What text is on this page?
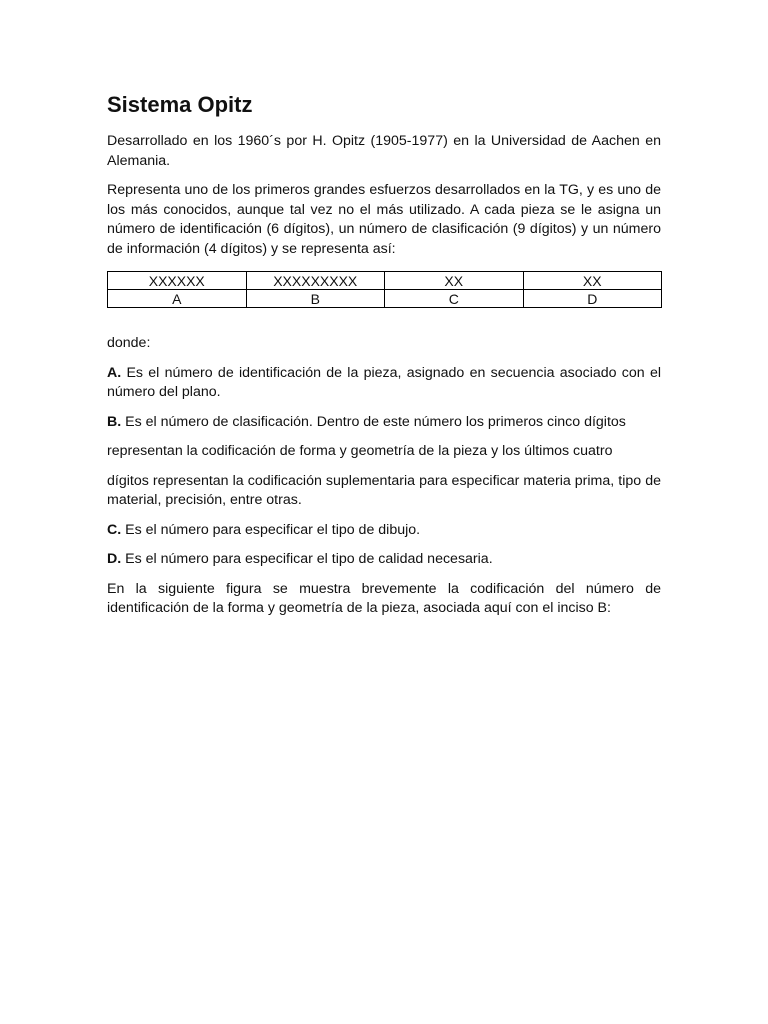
Sistema Opitz

Desarrollado en los 1960´s por H. Opitz (1905-1977) en la Universidad de Aachen en Alemania.

Representa uno de los primeros grandes esfuerzos desarrollados en la TG, y es uno de los más conocidos, aunque tal vez no el más utilizado. A cada pieza se le asigna un número de identificación (6 dígitos), un número de clasificación (9 dígitos) y un número de información (4 dígitos) y se representa así:

XXXXXX	XXXXXXXXX	XX	XX
A	B	C	D

donde:

A. Es el número de identificación de la pieza, asignado en secuencia asociado con el número del plano.

B. Es el número de clasificación. Dentro de este número los primeros cinco dígitos

representan la codificación de forma y geometría de la pieza y los últimos cuatro

dígitos representan la codificación suplementaria para especificar materia prima, tipo de material, precisión, entre otras.

C. Es el número para especificar el tipo de dibujo.

D. Es el número para especificar el tipo de calidad necesaria.

En la siguiente figura se muestra brevemente la codificación del número de identificación de la forma y geometría de la pieza, asociada aquí con el inciso B:
